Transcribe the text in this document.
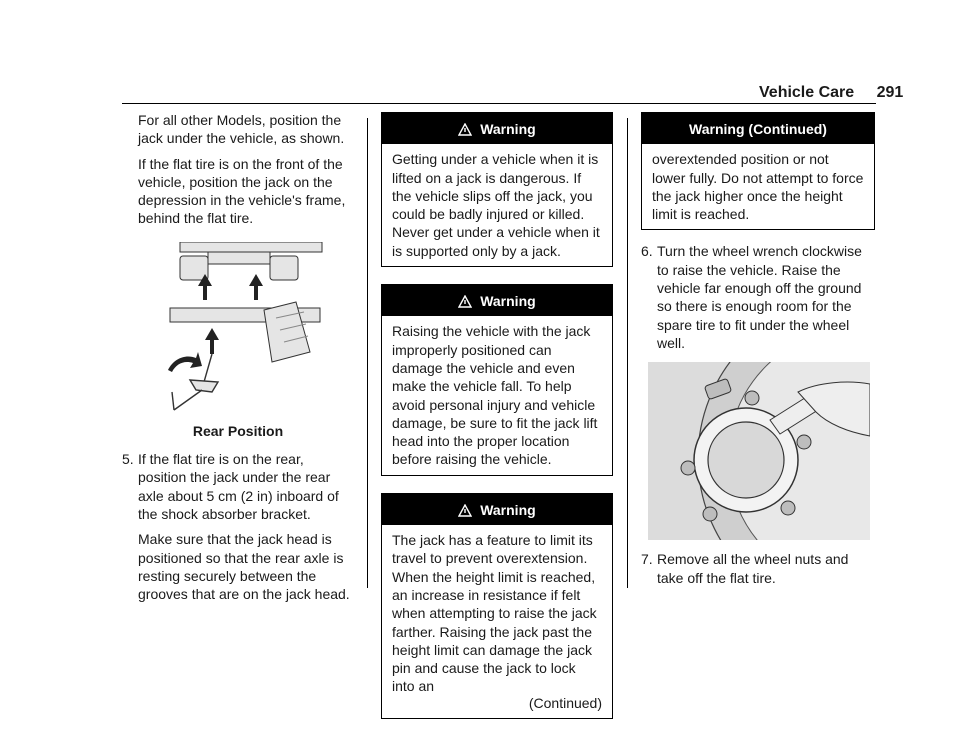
Vehicle Care 291

For all other Models, position the jack under the vehicle, as shown.

If the flat tire is on the front of the vehicle, position the jack on the depression in the vehicle's frame, behind the flat tire.

Rear Position
5. If the flat tire is on the rear, position the jack under the rear axle about 5 cm (2 in) inboard of the shock absorber bracket.

Make sure that the jack head is positioned so that the rear axle is resting securely between the grooves that are on the jack head.

Warning
Getting under a vehicle when it is lifted on a jack is dangerous. If the vehicle slips off the jack, you could be badly injured or killed. Never get under a vehicle when it is supported only by a jack.
Warning
Raising the vehicle with the jack improperly positioned can damage the vehicle and even make the vehicle fall. To help avoid personal injury and vehicle damage, be sure to fit the jack lift head into the proper location before raising the vehicle.
Warning
The jack has a feature to limit its travel to prevent overextension. When the height limit is reached, an increase in resistance if felt when attempting to raise the jack farther. Raising the jack past the height limit can damage the jack pin and cause the jack to lock into an
(Continued)
Warning (Continued)
overextended position or not lower fully. Do not attempt to force the jack higher once the height limit is reached.
6. Turn the wheel wrench clockwise to raise the vehicle. Raise the vehicle far enough off the ground so there is enough room for the spare tire to fit under the wheel well.

7. Remove all the wheel nuts and take off the flat tire.
